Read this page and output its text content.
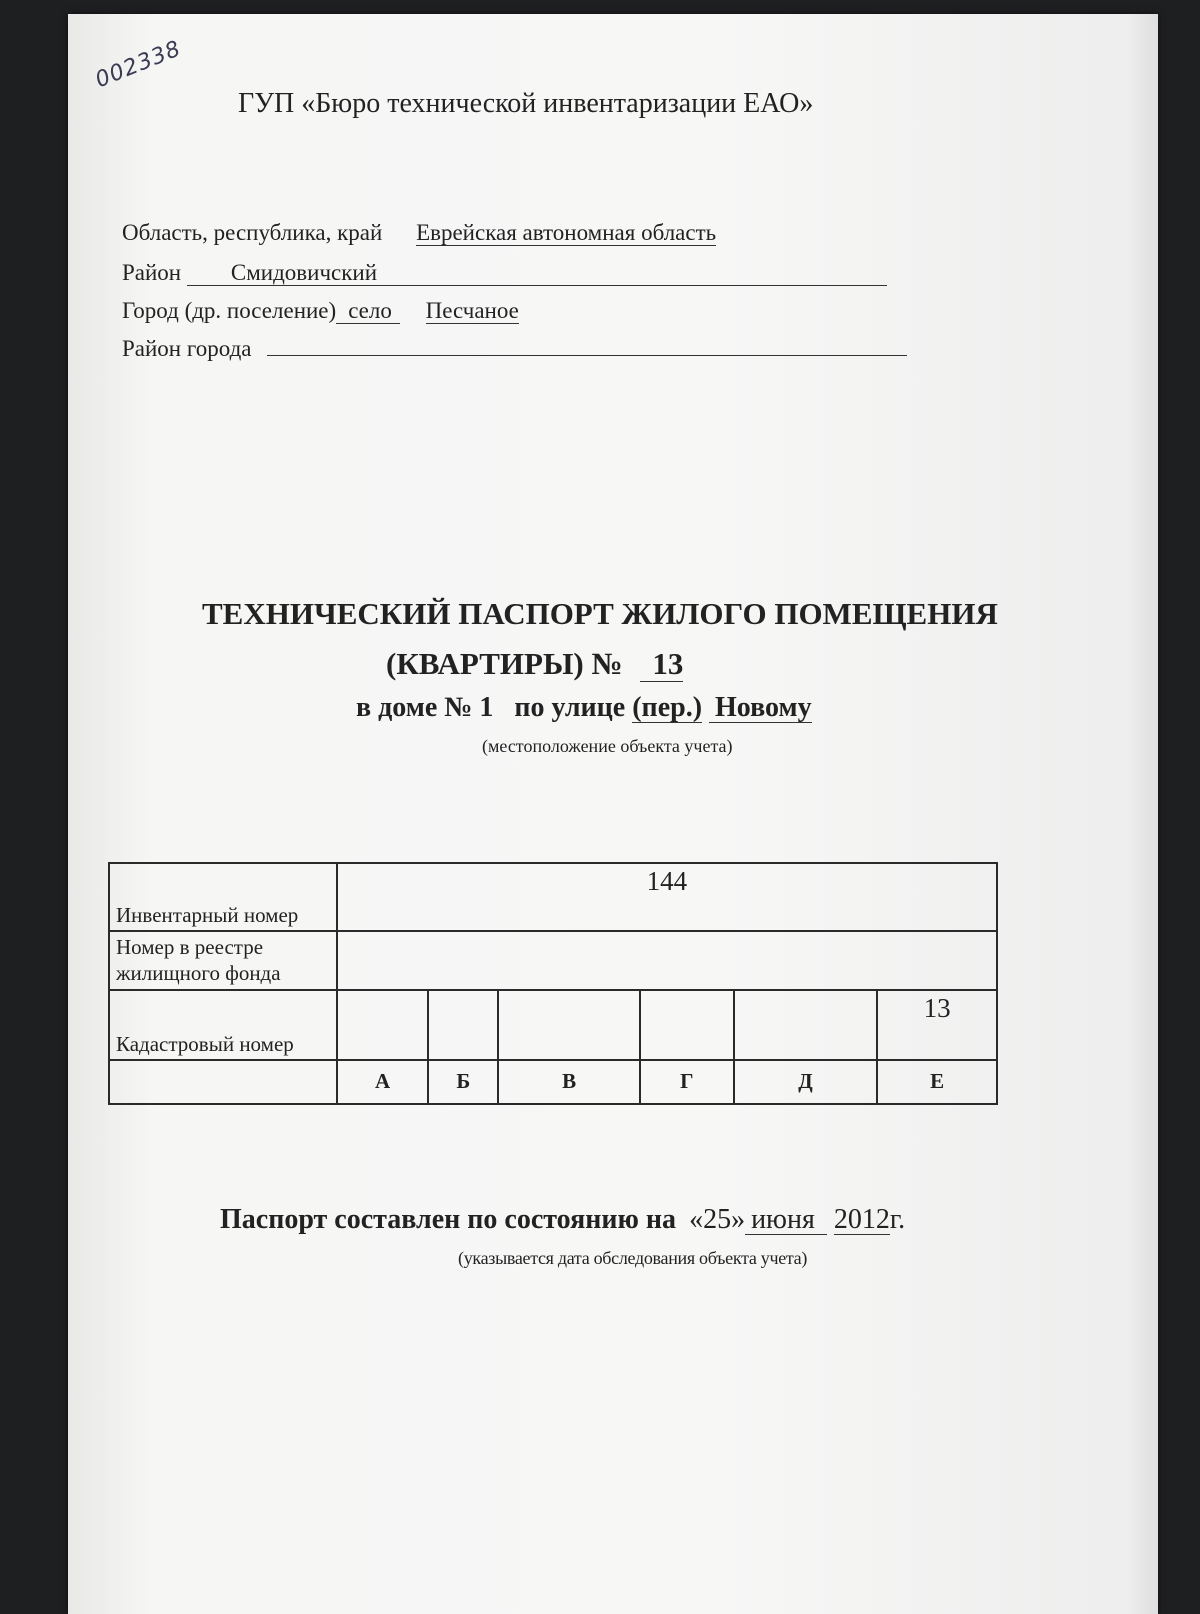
002338
ГУП «Бюро технической инвентаризации ЕАО»
Область, республика, край Еврейская автономная область
Район Смидовичский
Город (др. поселение) село Песчаное
Район города
ТЕХНИЧЕСКИЙ ПАСПОРТ ЖИЛОГО ПОМЕЩЕНИЯ
(КВАРТИРЫ) № 13
в доме № 1 по улице (пер.) Новому
(местоположение объекта учета)
Инвентарный номер	144					
Номер в реестре
жилищного фонда						
Кадастровый номер						13
	А	Б	В	Г	Д	Е
Паспорт составлен по состоянию на «25» июня 2012г.
(указывается дата обследования объекта учета)
